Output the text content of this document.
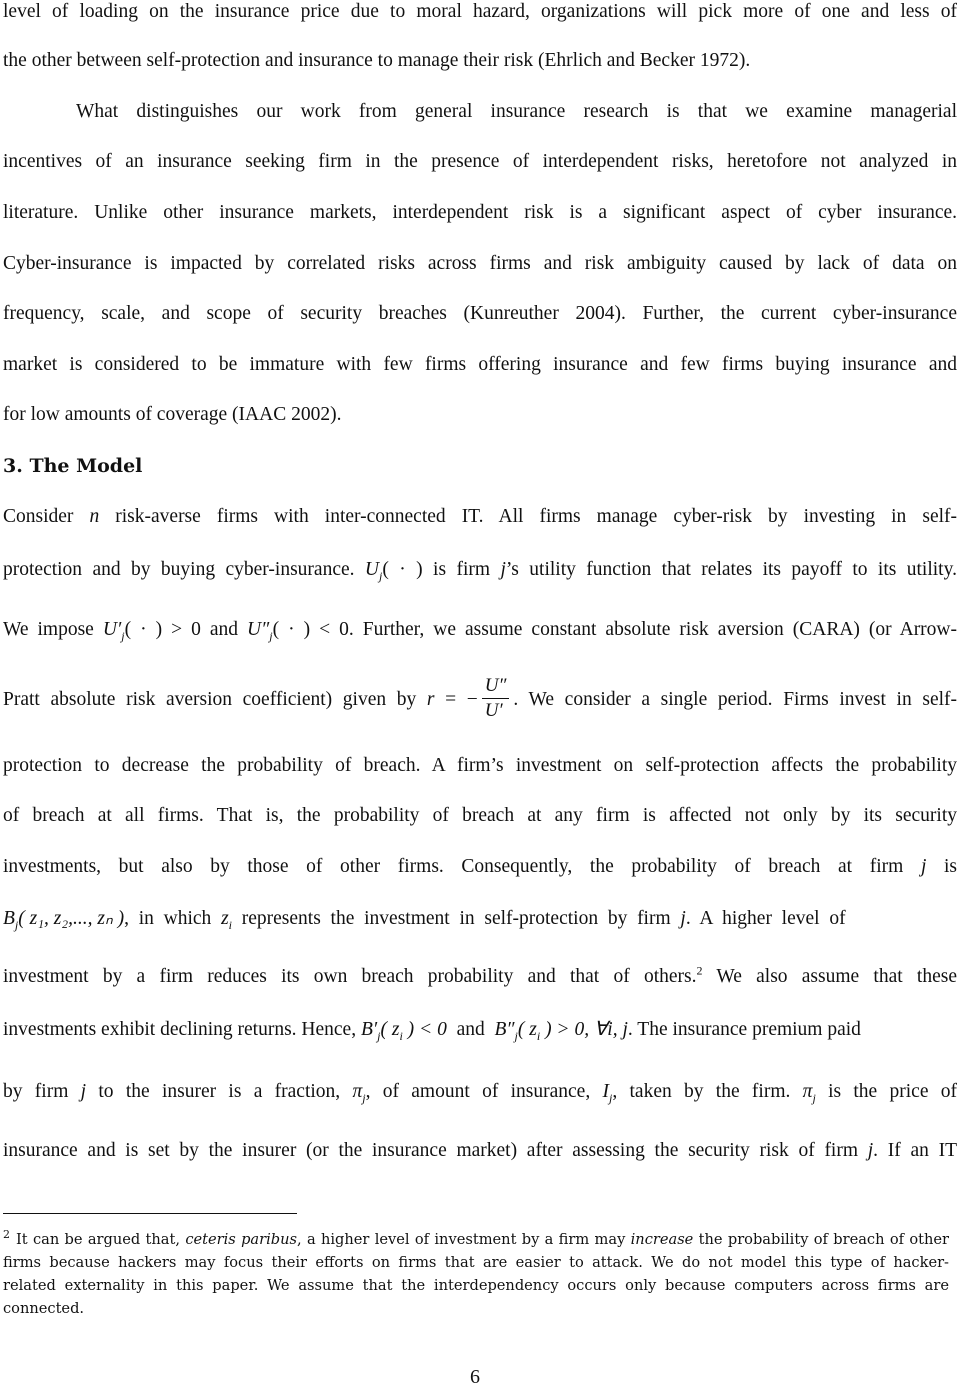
level of loading on the insurance price due to moral hazard, organizations will pick more of one and less of
the other between self-protection and insurance to manage their risk (Ehrlich and Becker 1972).
What distinguishes our work from general insurance research is that we examine managerial
incentives of an insurance seeking firm in the presence of interdependent risks, heretofore not analyzed in
literature. Unlike other insurance markets, interdependent risk is a significant aspect of cyber insurance.
Cyber-insurance is impacted by correlated risks across firms and risk ambiguity caused by lack of data on
frequency, scale, and scope of security breaches (Kunreuther 2004). Further, the current cyber-insurance
market is considered to be immature with few firms offering insurance and few firms buying insurance and
for low amounts of coverage (IAAC 2002).
3. The Model
Consider n risk-averse firms with inter-connected IT. All firms manage cyber-risk by investing in self-
protection and by buying cyber-insurance. $U_j$( · ) is firm j’s utility function that relates its payoff to its utility.
We impose $U'_j$( · ) > 0 and $U''_j$( · ) < 0. Further, we assume constant absolute risk aversion (CARA) (or Arrow-
Pratt absolute risk aversion coefficient) given by r = − $\frac{U''}{U'}$ . We consider a single period. Firms invest in self-
protection to decrease the probability of breach. A firm’s investment on self-protection affects the probability
of breach at all firms. That is, the probability of breach at any firm is affected not only by its security
investments, but also by those of other firms. Consequently, the probability of breach at firm j is
$B_j$( z₁, z₂,..., zₙ ),  in  which  $z_i$  represents  the  investment  in  self-protection  by  firm  j.  A  higher  level  of
investment by a firm reduces its own breach probability and that of others.$^2$ We also assume that these
investments exhibit declining returns. Hence, $B'_j$( $z_i$ ) < 0  and  $B''_j$( $z_i$ ) > 0, ∀i, j. The insurance premium paid
by firm j to the insurer is a fraction, $\pi_j$, of amount of insurance, $I_j$, taken by the firm. $\pi_j$ is the price of
insurance and is set by the insurer (or the insurance market) after assessing the security risk of firm j. If an IT
$^2$ It can be argued that, ceteris paribus, a higher level of investment by a firm may increase the probability of breach of other
firms because hackers may focus their efforts on firms that are easier to attack. We do not model this type of hacker-
related externality in this paper. We assume that the interdependency occurs only because computers across firms are
connected.
6
